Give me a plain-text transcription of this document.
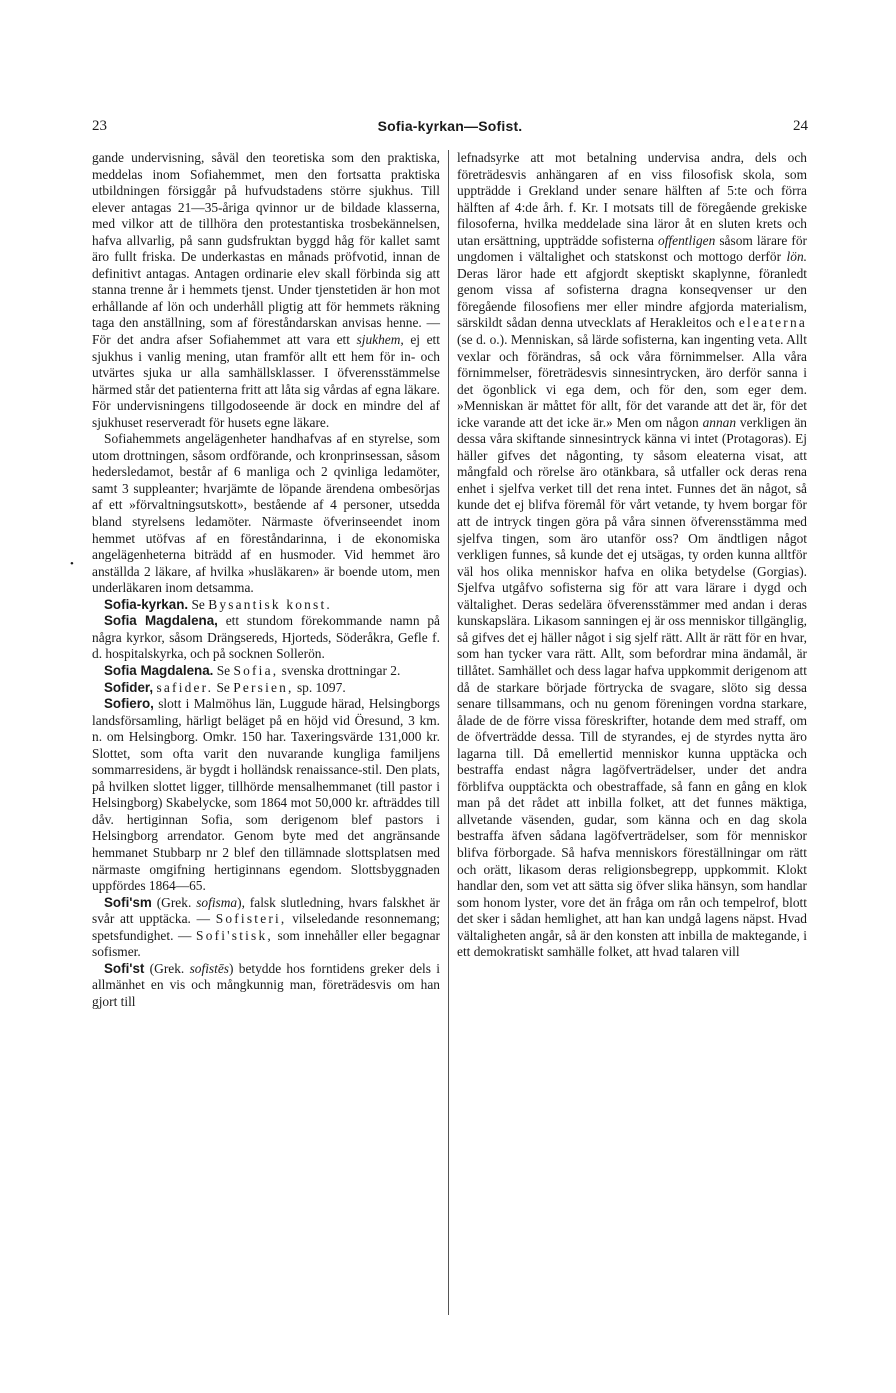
23	Sofia-kyrkan—Sofist.	24
•

gande undervisning, såväl den teoretiska som den praktiska, meddelas inom Sofiahemmet, men den fortsatta praktiska utbildningen försiggår på hufvudstadens större sjukhus. Till elever antagas 21—35-åriga qvinnor ur de bildade klasserna, med vilkor att de tillhöra den protestantiska trosbekännelsen, hafva allvarlig, på sann gudsfruktan byggd håg för kallet samt äro fullt friska. De underkastas en månads pröfvotid, innan de definitivt antagas. Antagen ordinarie elev skall förbinda sig att stanna trenne år i hemmets tjenst. Under tjenstetiden är hon mot erhållande af lön och underhåll pligtig att för hemmets räkning taga den anställning, som af föreståndarskan anvisas henne. — För det andra afser Sofiahemmet att vara ett sjukhem, ej ett sjukhus i vanlig mening, utan framför allt ett hem för in- och utvärtes sjuka ur alla samhällsklasser. I öfverensstämmelse härmed står det patienterna fritt att låta sig vårdas af egna läkare. För undervisningens tillgodoseende är dock en mindre del af sjukhuset reserveradt för husets egne läkare.

Sofiahemmets angelägenheter handhafvas af en styrelse, som utom drottningen, såsom ordförande, och kronprinsessan, såsom hedersledamot, består af 6 manliga och 2 qvinliga ledamöter, samt 3 suppleanter; hvarjämte de löpande ärendena ombesörjas af ett »förvaltningsutskott», bestående af 4 personer, utsedda bland styrelsens ledamöter. Närmaste öfverinseendet inom hemmet utöfvas af en föreståndarinna, i de ekonomiska angelägenheterna biträdd af en husmoder. Vid hemmet äro anställda 2 läkare, af hvilka »husläkaren» är boende utom, men underläkaren inom detsamma.

Sofia-kyrkan. Se Bysantisk konst.

Sofia Magdalena, ett stundom förekommande namn på några kyrkor, såsom Drängsereds, Hjorteds, Söderåkra, Gefle f. d. hospitalskyrka, och på socknen Sollerön.

Sofia Magdalena. Se Sofia, svenska drottningar 2.

Sofider, safider. Se Persien, sp. 1097.

Sofiero, slott i Malmöhus län, Luggude härad, Helsingborgs landsförsamling, härligt beläget på en höjd vid Öresund, 3 km. n. om Helsingborg. Omkr. 150 har. Taxeringsvärde 131,000 kr. Slottet, som ofta varit den nuvarande kungliga familjens sommarresidens, är bygdt i holländsk renaissance-stil. Den plats, på hvilken slottet ligger, tillhörde mensalhemmanet (till pastor i Helsingborg) Skabelycke, som 1864 mot 50,000 kr. afträddes till dåv. hertiginnan Sofia, som derigenom blef pastors i Helsingborg arrendator. Genom byte med det angränsande hemmanet Stubbarp nr 2 blef den tillämnade slottsplatsen med närmaste omgifning hertiginnans egendom. Slottsbyggnaden uppfördes 1864—65.

Sofi'sm (Grek. sofisma), falsk slutledning, hvars falskhet är svår att upptäcka. — Sofisteri, vilseledande resonnemang; spetsfundighet. — Sofi'stisk, som innehåller eller begagnar sofismer.

Sofi'st (Grek. sofistēs) betydde hos forntidens greker dels i allmänhet en vis och mångkunnig man, företrädesvis om han gjort till

lefnadsyrke att mot betalning undervisa andra, dels och företrädesvis anhängaren af en viss filosofisk skola, som uppträdde i Grekland under senare hälften af 5:te och förra hälften af 4:de årh. f. Kr. I motsats till de föregående grekiske filosoferna, hvilka meddelade sina läror åt en sluten krets och utan ersättning, uppträdde sofisterna offentligen såsom lärare för ungdomen i vältalighet och statskonst och mottogo derför lön. Deras läror hade ett afgjordt skeptiskt skaplynne, föranledt genom vissa af sofisterna dragna konseqvenser ur den föregående filosofiens mer eller mindre afgjorda materialism, särskildt sådan denna utvecklats af Herakleitos och eleaterna (se d. o.). Menniskan, så lärde sofisterna, kan ingenting veta. Allt vexlar och förändras, så ock våra förnimmelser. Alla våra förnimmelser, företrädesvis sinnesintrycken, äro derför sanna i det ögonblick vi ega dem, och för den, som eger dem. »Menniskan är måttet för allt, för det varande att det är, för det icke varande att det icke är.» Men om någon annan verkligen än dessa våra skiftande sinnesintryck känna vi intet (Protagoras). Ej häller gifves det någonting, ty såsom eleaterna visat, att mångfald och rörelse äro otänkbara, så utfaller ock deras rena enhet i sjelfva verket till det rena intet. Funnes det än något, så kunde det ej blifva föremål för vårt vetande, ty hvem borgar för att de intryck tingen göra på våra sinnen öfverensstämma med sjelfva tingen, som äro utanför oss? Om ändtligen något verkligen funnes, så kunde det ej utsägas, ty orden kunna alltför väl hos olika menniskor hafva en olika betydelse (Gorgias). Sjelfva utgåfvo sofisterna sig för att vara lärare i dygd och vältalighet. Deras sedelära öfverensstämmer med andan i deras kunskapslära. Likasom sanningen ej är oss menniskor tillgänglig, så gifves det ej häller något i sig sjelf rätt. Allt är rätt för en hvar, som han tycker vara rätt. Allt, som befordrar mina ändamål, är tillåtet. Samhället och dess lagar hafva uppkommit derigenom att då de starkare började förtrycka de svagare, slöto sig dessa senare tillsammans, och nu genom föreningen vordna starkare, ålade de de förre vissa föreskrifter, hotande dem med straff, om de öfverträdde dessa. Till de styrandes, ej de styrdes nytta äro lagarna till. Då emellertid menniskor kunna upptäcka och bestraffa endast några lagöfverträdelser, under det andra förblifva oupptäckta och obestraffade, så fann en gång en klok man på det rådet att inbilla folket, att det funnes mäktiga, allvetande väsenden, gudar, som känna och en dag skola bestraffa äfven sådana lagöfverträdelser, som för menniskor blifva förborgade. Så hafva menniskors föreställningar om rätt och orätt, likasom deras religionsbegrepp, uppkommit. Klokt handlar den, som vet att sätta sig öfver slika hänsyn, som handlar som honom lyster, vore det än fråga om rån och tempelrof, blott det sker i sådan hemlighet, att han kan undgå lagens näpst. Hvad vältaligheten angår, så är den konsten att inbilla de maktegande, i ett demokratiskt samhälle folket, att hvad talaren vill
